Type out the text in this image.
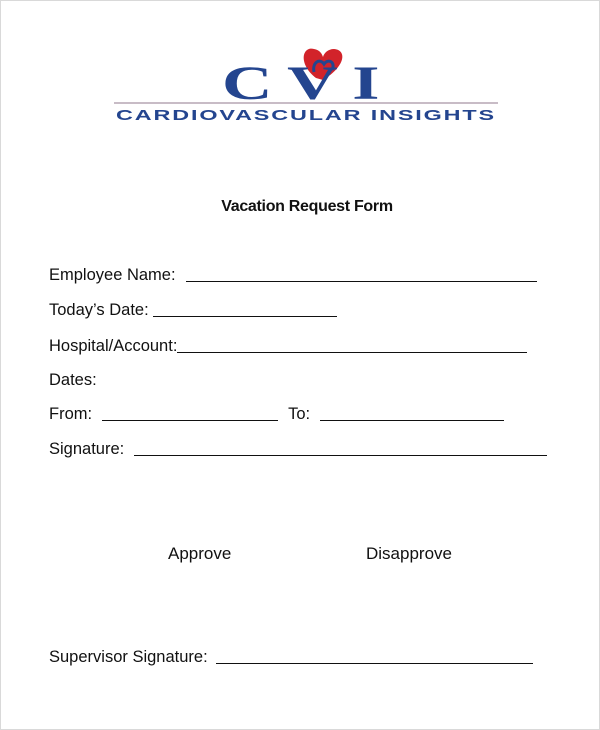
CVI
CARDIOVASCULAR INSIGHTS
Vacation Request Form
Employee Name:
Today’s Date:
Hospital/Account:
Dates:
From:	To:
Signature:
Approve	Disapprove
Supervisor Signature:
